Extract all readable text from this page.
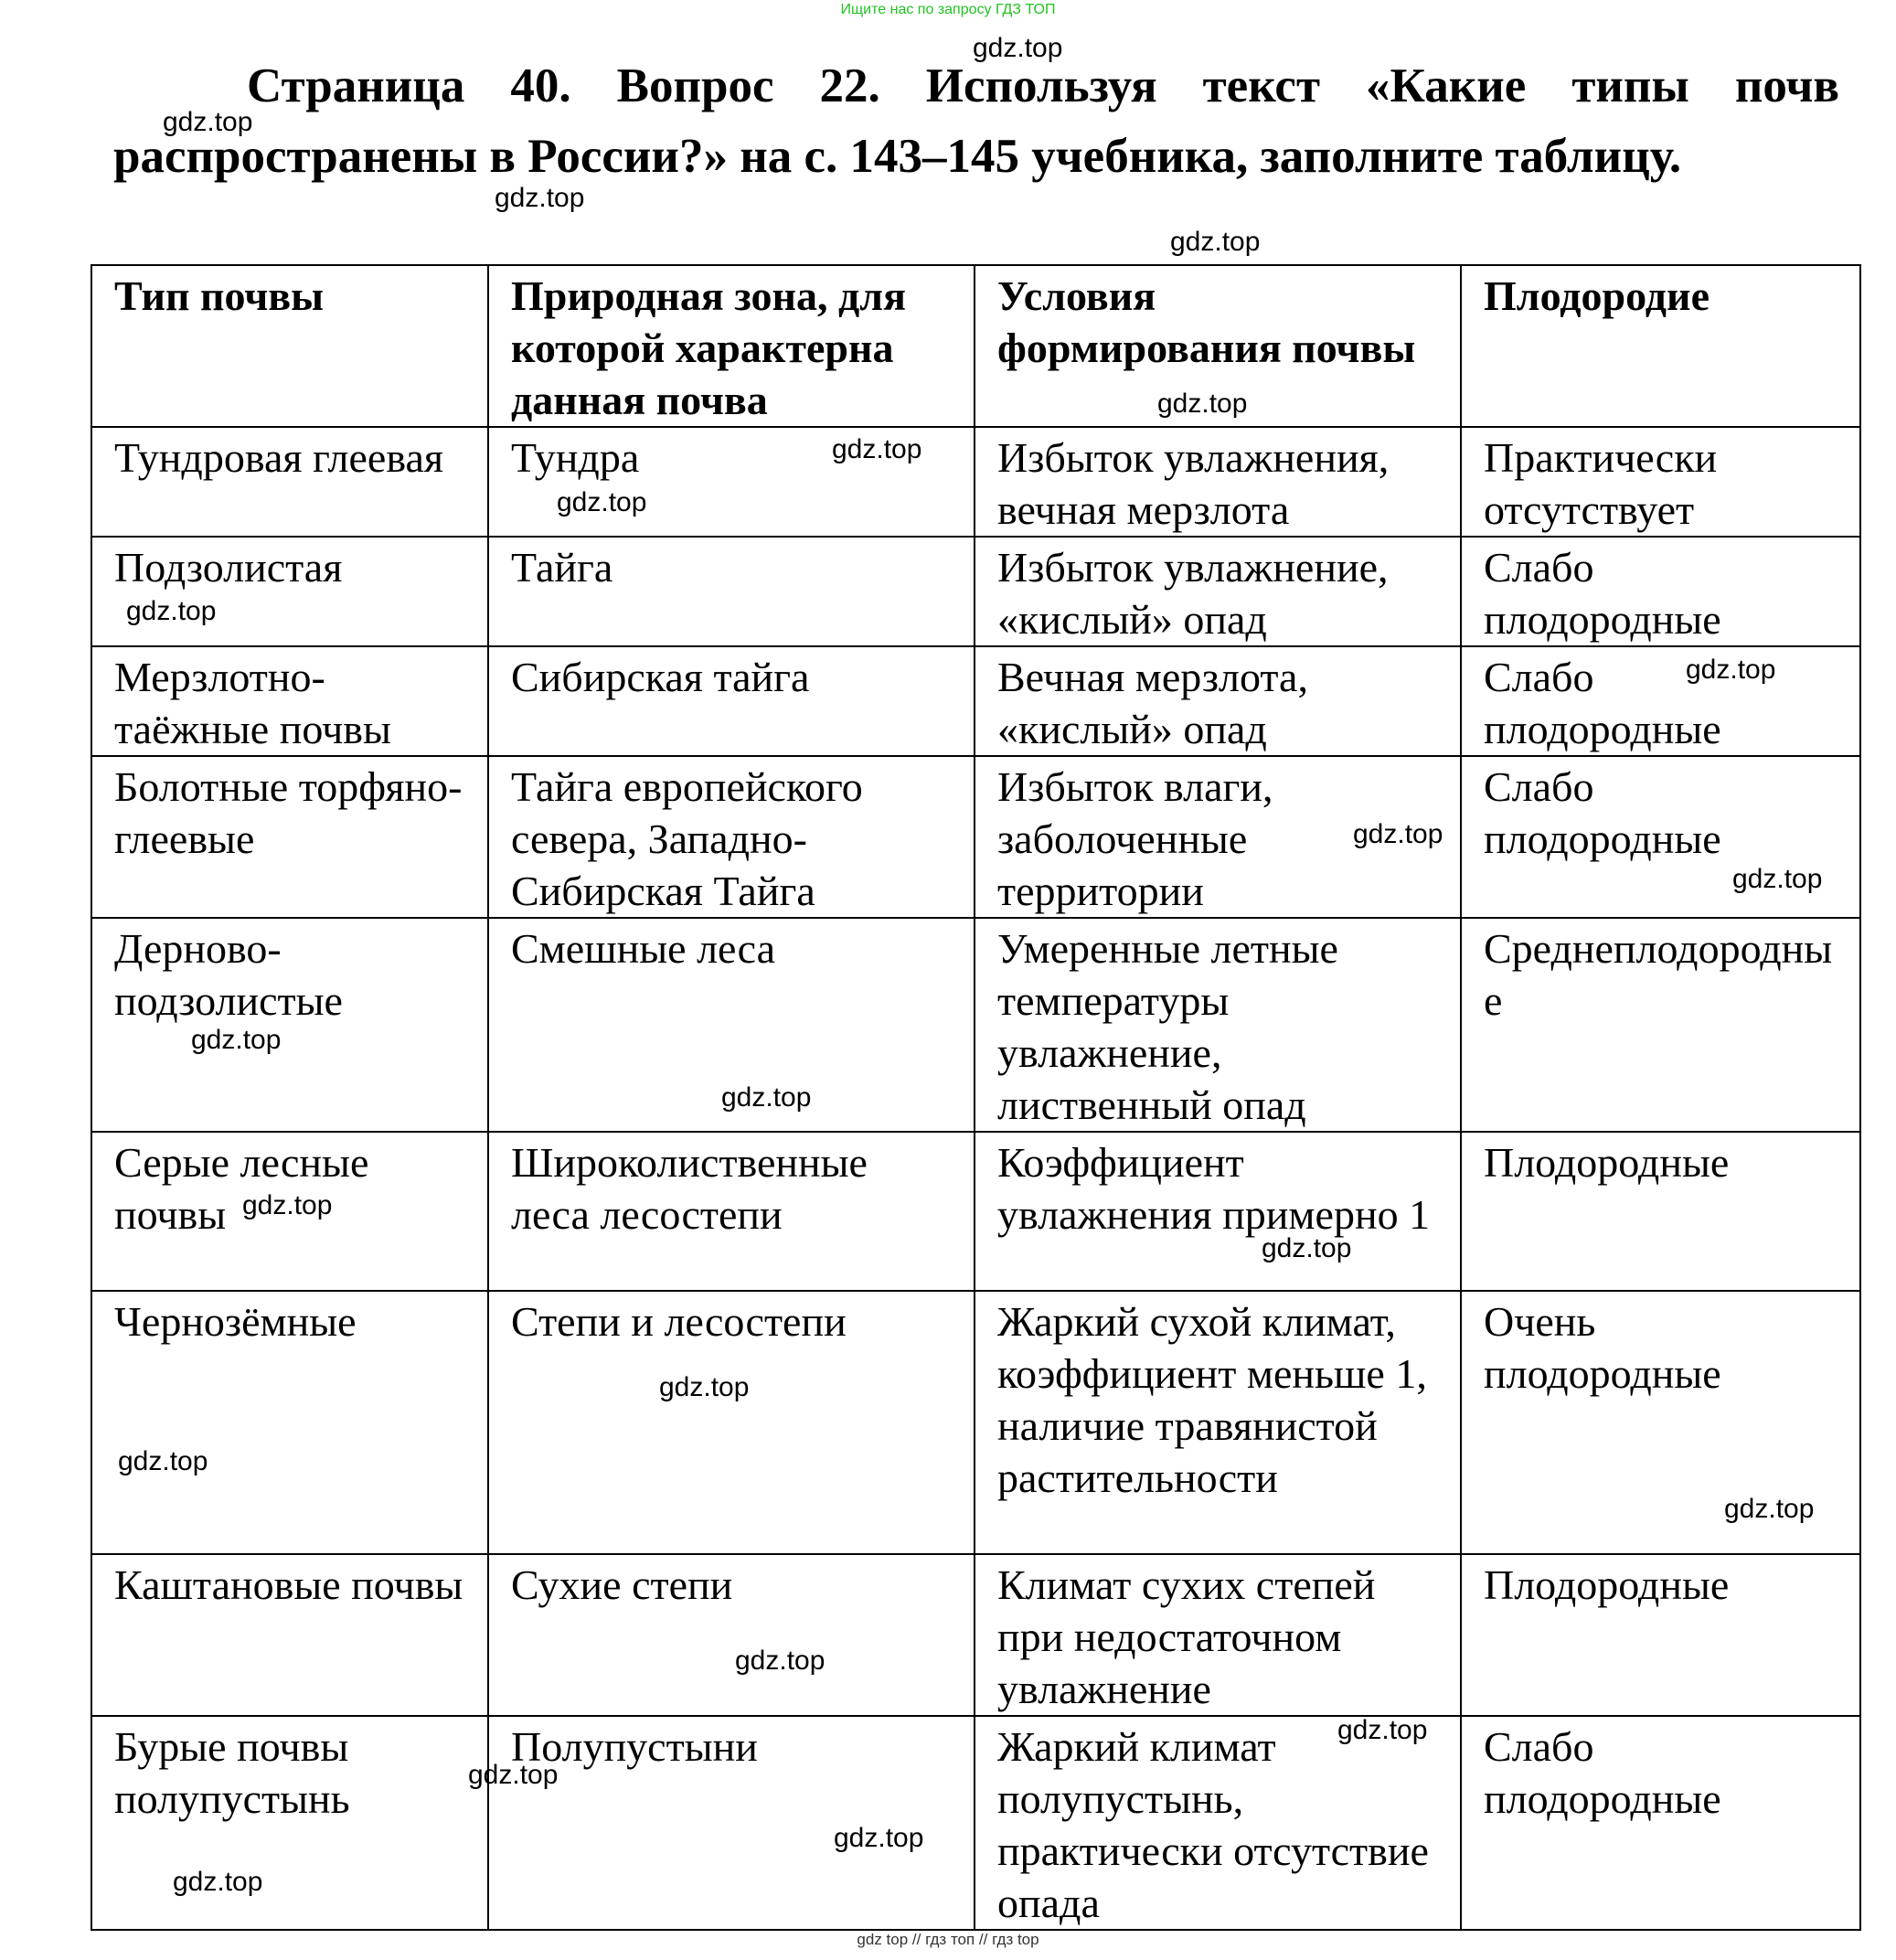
Ищите нас по запросу ГДЗ ТОП

Страница 40. Вопрос 22. Используя текст «Какие типы почв распространены в России?» на с. 143–145 учебника, заполните таблицу.

Тип почвы	Природная зона, для которой характерна данная почва	Условия формирования почвы	Плодородие
Тундровая глеевая	Тундра	Избыток увлажнения, вечная мерзлота	Практически отсутствует
Подзолистая	Тайга	Избыток увлажнение, «кислый» опад	Слабо плодородные
Мерзлотно-таёжные почвы	Сибирская тайга	Вечная мерзлота, «кислый» опад	Слабо плодородные
Болотные торфяно-глеевые	Тайга европейского севера, Западно-Сибирская Тайга	Избыток влаги, заболоченные территории	Слабо плодородные
Дерново-подзолистые	Смешные леса	Умеренные летные температуры увлажнение, лиственный опад	Среднеплодородные
Серые лесные почвы	Широколиственные леса лесостепи	Коэффициент увлажнения примерно 1	Плодородные
Чернозёмные	Степи и лесостепи	Жаркий сухой климат, коэффициент меньше 1, наличие травянистой растительности	Очень плодородные
Каштановые почвы	Сухие степи	Климат сухих степей при недостаточном увлажнение	Плодородные
Бурые почвы полупустынь	Полупустыни	Жаркий климат полупустынь, практически отсутствие опада	Слабо плодородные
gdz.top
gdz.top
gdz.top
gdz.top
gdz.top
gdz.top
gdz.top
gdz.top
gdz.top
gdz.top
gdz.top
gdz.top
gdz.top
gdz.top
gdz.top
gdz.top
gdz.top
gdz.top
gdz.top
gdz.top
gdz.top
gdz.top
gdz.top
gdz top // гдз топ // гдз top
